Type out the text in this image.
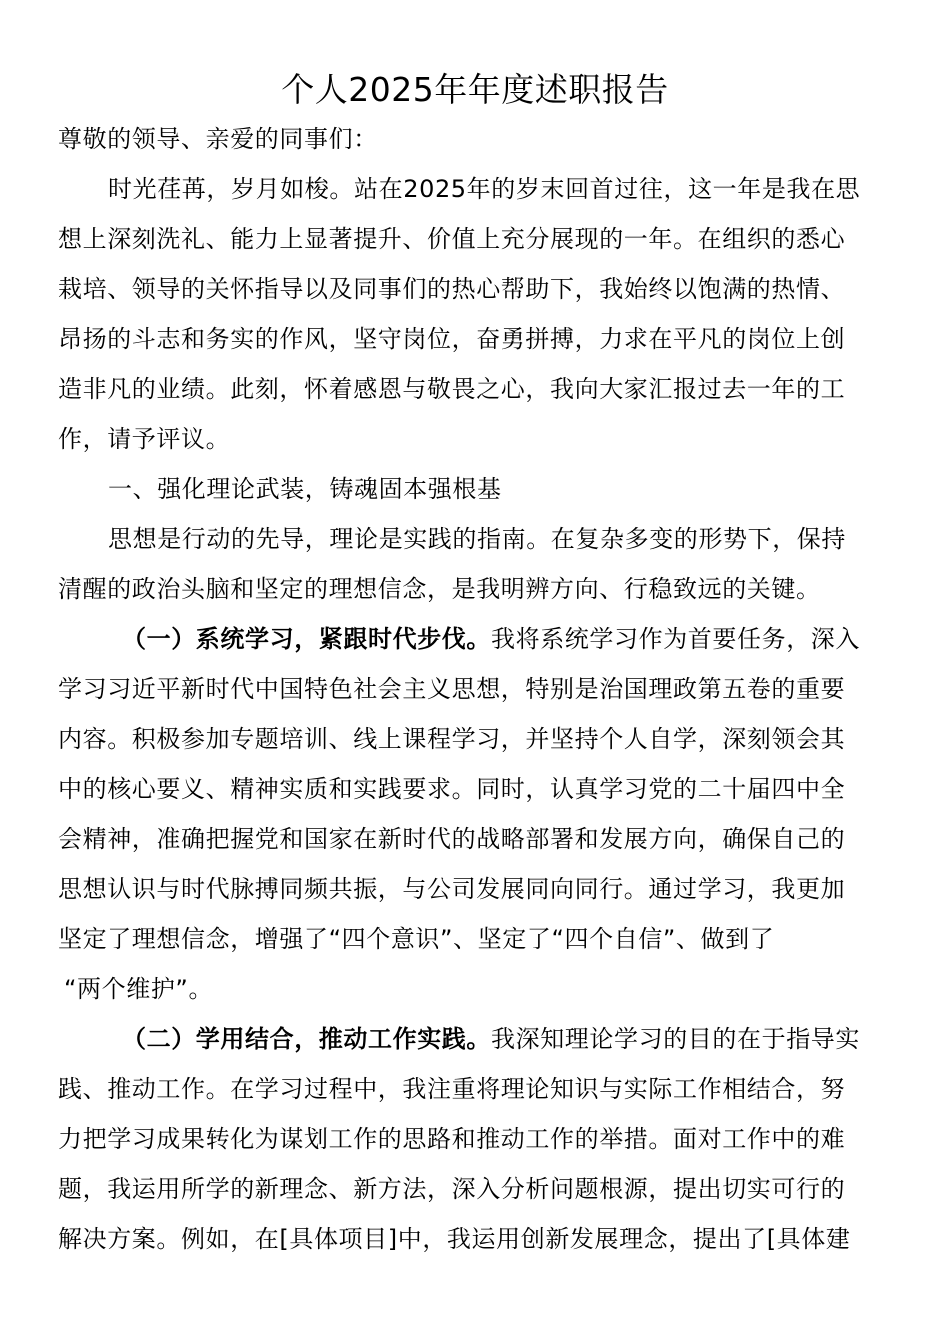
个人2025年年度述职报告
尊敬的领导、亲爱的同事们：
时光荏苒，岁月如梭。站在2025年的岁末回首过往，这一年是我在思
想上深刻洗礼、能力上显著提升、价值上充分展现的一年。在组织的悉心
栽培、领导的关怀指导以及同事们的热心帮助下，我始终以饱满的热情、
昂扬的斗志和务实的作风，坚守岗位，奋勇拼搏，力求在平凡的岗位上创
造非凡的业绩。此刻，怀着感恩与敬畏之心，我向大家汇报过去一年的工
作，请予评议。
一、强化理论武装，铸魂固本强根基
思想是行动的先导，理论是实践的指南。在复杂多变的形势下，保持
清醒的政治头脑和坚定的理想信念，是我明辨方向、行稳致远的关键。
（一）系统学习，紧跟时代步伐。我将系统学习作为首要任务，深入
学习习近平新时代中国特色社会主义思想，特别是治国理政第五卷的重要
内容。积极参加专题培训、线上课程学习，并坚持个人自学，深刻领会其
中的核心要义、精神实质和实践要求。同时，认真学习党的二十届四中全
会精神，准确把握党和国家在新时代的战略部署和发展方向，确保自己的
思想认识与时代脉搏同频共振，与公司发展同向同行。通过学习，我更加
坚定了理想信念，增强了“四个意识”、坚定了“四个自信”、做到了
“两个维护”。
（二）学用结合，推动工作实践。我深知理论学习的目的在于指导实
践、推动工作。在学习过程中，我注重将理论知识与实际工作相结合，努
力把学习成果转化为谋划工作的思路和推动工作的举措。面对工作中的难
题，我运用所学的新理念、新方法，深入分析问题根源，提出切实可行的
解决方案。例如，在[具体项目]中，我运用创新发展理念，提出了[具体建
